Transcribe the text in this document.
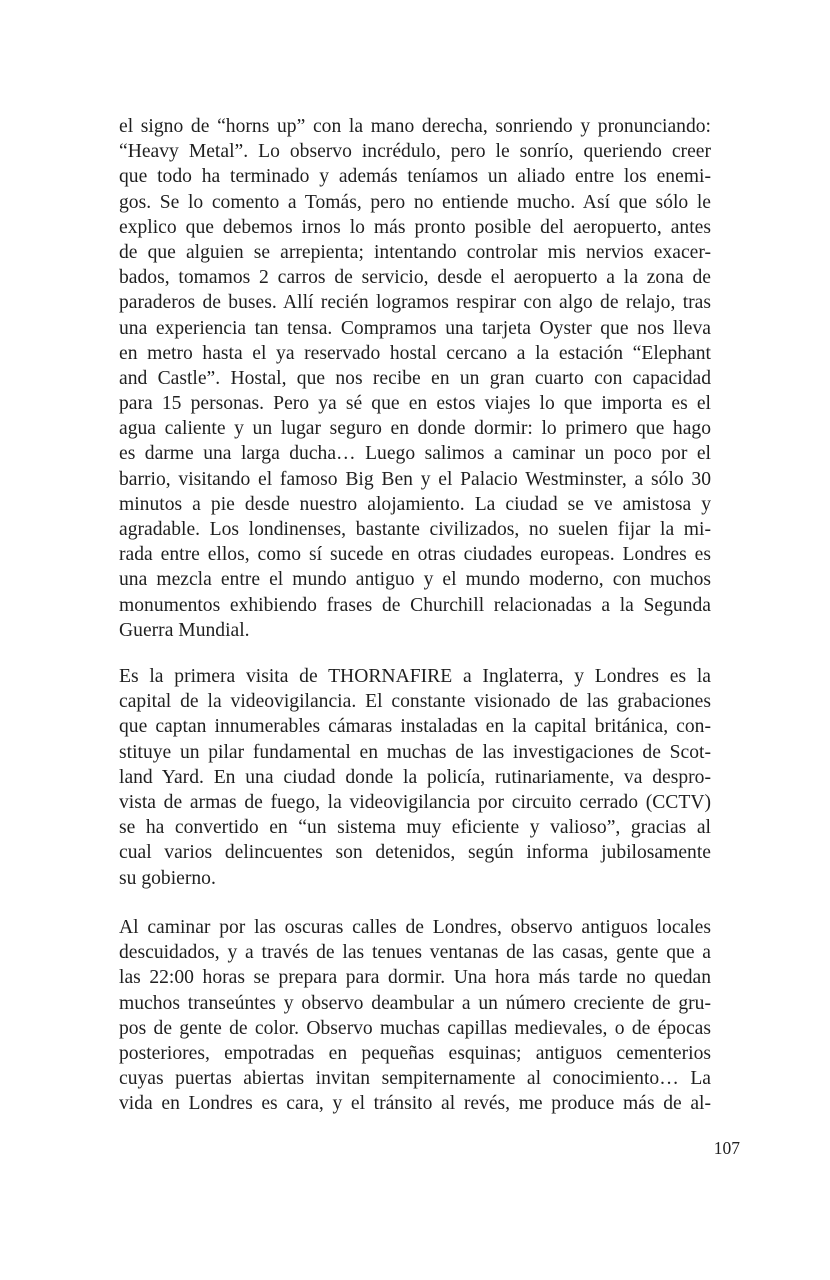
el signo de “horns up” con la mano derecha, sonriendo y pronunciando:
“Heavy Metal”. Lo observo incrédulo, pero le sonrío, queriendo creer
que todo ha terminado y además teníamos un aliado entre los enemi-
gos. Se lo comento a Tomás, pero no entiende mucho. Así que sólo le
explico que debemos irnos lo más pronto posible del aeropuerto, antes
de que alguien se arrepienta; intentando controlar mis nervios exacer-
bados, tomamos 2 carros de servicio, desde el aeropuerto a la zona de
paraderos de buses. Allí recién logramos respirar con algo de relajo, tras
una experiencia tan tensa. Compramos una tarjeta Oyster que nos lleva
en metro hasta el ya reservado hostal cercano a la estación “Elephant
and Castle”. Hostal, que nos recibe en un gran cuarto con capacidad
para 15 personas. Pero ya sé que en estos viajes lo que importa es el
agua caliente y un lugar seguro en donde dormir: lo primero que hago
es darme una larga ducha… Luego salimos a caminar un poco por el
barrio, visitando el famoso Big Ben y el Palacio Westminster, a sólo 30
minutos a pie desde nuestro alojamiento. La ciudad se ve amistosa y
agradable. Los londinenses, bastante civilizados, no suelen fijar la mi-
rada entre ellos, como sí sucede en otras ciudades europeas. Londres es
una mezcla entre el mundo antiguo y el mundo moderno, con muchos
monumentos exhibiendo frases de Churchill relacionadas a la Segunda
Guerra Mundial.
Es la primera visita de THORNAFIRE a Inglaterra, y Londres es la
capital de la videovigilancia. El constante visionado de las grabaciones
que captan innumerables cámaras instaladas en la capital británica, con-
stituye un pilar fundamental en muchas de las investigaciones de Scot-
land Yard. En una ciudad donde la policía, rutinariamente, va despro-
vista de armas de fuego, la videovigilancia por circuito cerrado (CCTV)
se ha convertido en “un sistema muy eficiente y valioso”, gracias al
cual varios delincuentes son detenidos, según informa jubilosamente
su gobierno.
Al caminar por las oscuras calles de Londres, observo antiguos locales
descuidados, y a través de las tenues ventanas de las casas, gente que a
las 22:00 horas se prepara para dormir. Una hora más tarde no quedan
muchos transeúntes y observo deambular a un número creciente de gru-
pos de gente de color. Observo muchas capillas medievales, o de épocas
posteriores, empotradas en pequeñas esquinas; antiguos cementerios
cuyas puertas abiertas invitan sempiternamente al conocimiento… La
vida en Londres es cara, y el tránsito al revés, me produce más de al-
107
